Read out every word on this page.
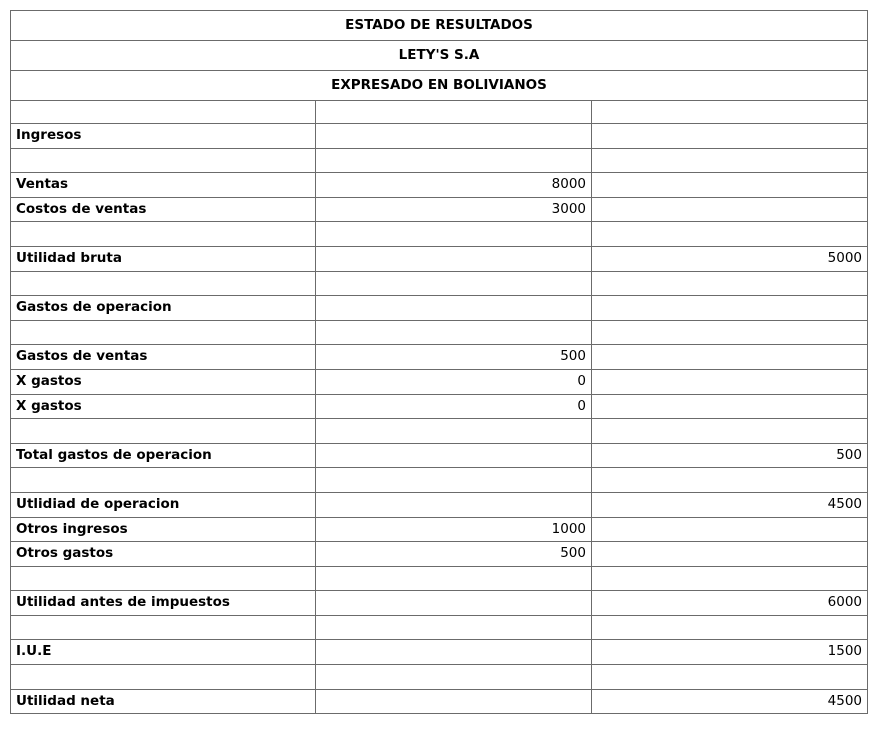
ESTADO DE RESULTADOS		
LETY'S S.A		
EXPRESADO EN BOLIVIANOS		

Ingresos		

Ventas	8000	
Costos de ventas	3000	

Utilidad bruta		5000

Gastos de operacion		

Gastos de ventas	500	
X gastos	0	
X gastos	0	

Total gastos de operacion		500

Utlidiad de operacion		4500
Otros ingresos	1000	
Otros gastos	500	

Utilidad antes de impuestos		6000

I.U.E		1500

Utilidad neta		4500
